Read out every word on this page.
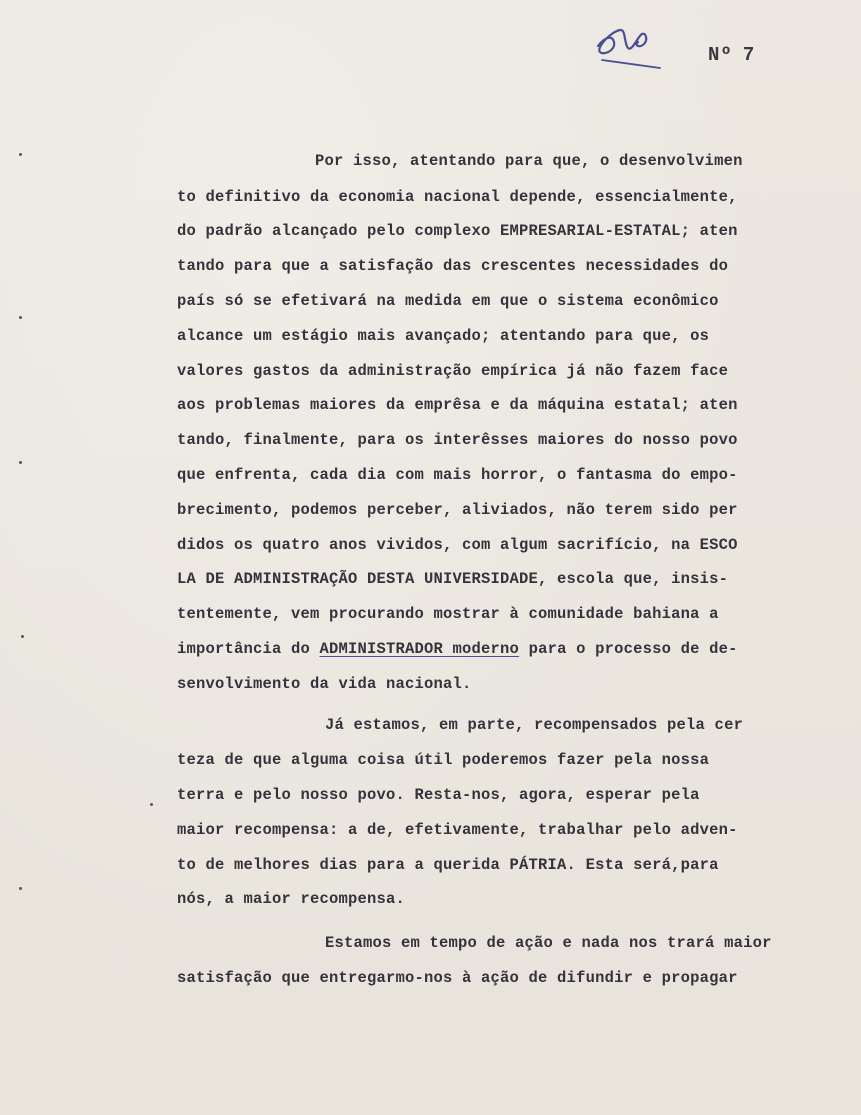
Nº 7
Por isso, atentando para que, o desenvolvimen
to definitivo da economia nacional depende, essencialmente,
do padrão alcançado pelo complexo EMPRESARIAL-ESTATAL; aten
tando para que a satisfação das crescentes necessidades do
país só se efetivará na medida em que o sistema econômico
alcance um estágio mais avançado; atentando para que, os
valores gastos da administração empírica já não fazem face
aos problemas maiores da emprêsa e da máquina estatal; aten
tando, finalmente, para os interêsses maiores do nosso povo
que enfrenta, cada dia com mais horror, o fantasma do empo-
brecimento, podemos perceber, aliviados, não terem sido per
didos os quatro anos vividos, com algum sacrifício, na ESCO
LA DE ADMINISTRAÇÃO DESTA UNIVERSIDADE, escola que, insis-
tentemente, vem procurando mostrar à comunidade bahiana a
importância do ADMINISTRADOR moderno para o processo de de-
senvolvimento da vida nacional.
Já estamos, em parte, recompensados pela cer
teza de que alguma coisa útil poderemos fazer pela nossa
terra e pelo nosso povo. Resta-nos, agora, esperar pela
maior recompensa: a de, efetivamente, trabalhar pelo adven-
to de melhores dias para a querida PÁTRIA. Esta será,para
nós, a maior recompensa.
Estamos em tempo de ação e nada nos trará maior
satisfação que entregarmo-nos à ação de difundir e propagar
